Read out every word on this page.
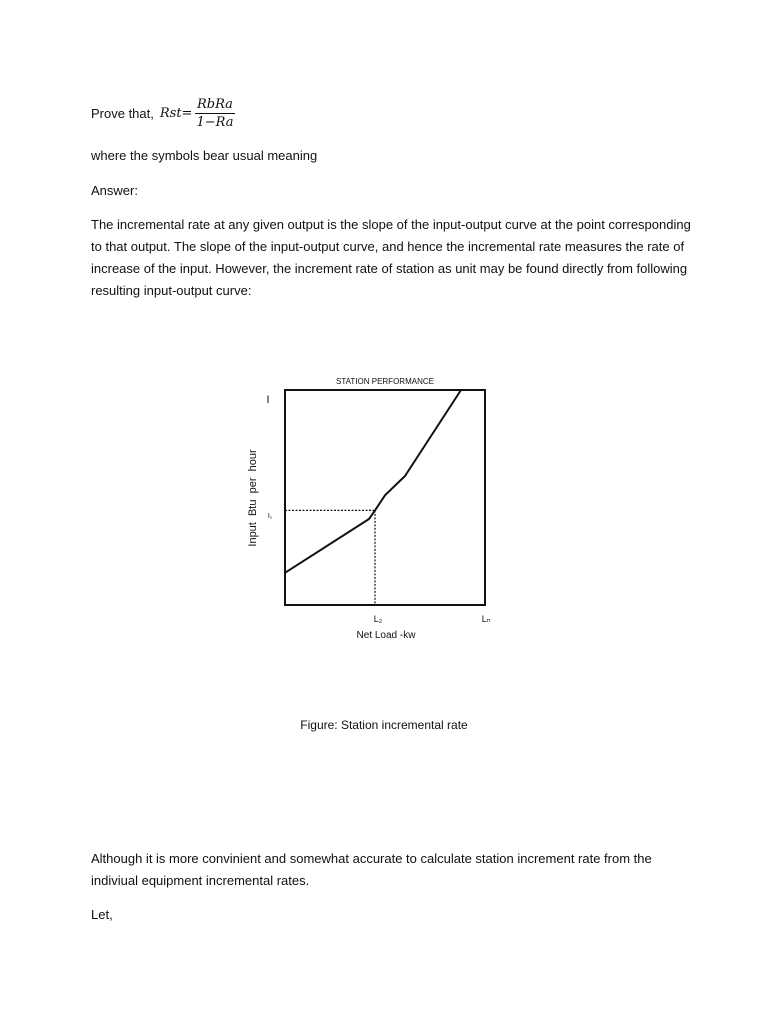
Prove that, $Rst= \frac{\text{RbRa}}{1-Ra}$

where the symbols bear usual meaning

Answer:

The incremental rate at any given output is the slope of the input-output curve at the point corresponding to that output. The slope of the input-output curve, and hence the incremental rate measures the rate of increase of the input. However, the increment rate of station as unit may be found directly from following resulting input-output curve:

STATION PERFORMANCE
Input  Btu  per  hour
Net Load -kw
I
I₁
L₂	Lₙ
Figure: Station incremental rate

Although it is more convinient and somewhat accurate to calculate station increment rate from the indiviual equipment incremental rates.

Let,
